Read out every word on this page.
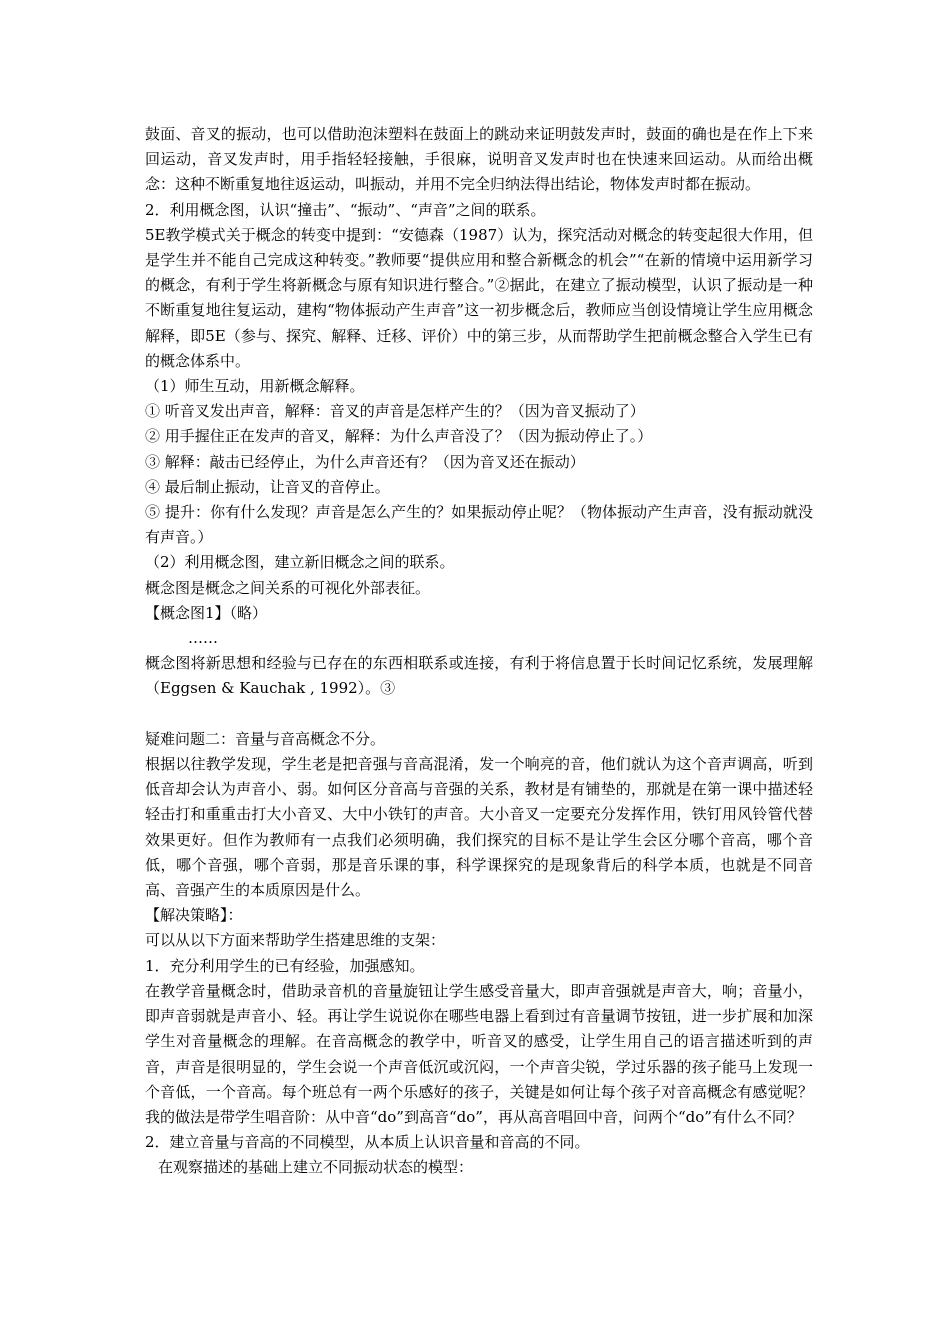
鼓面、音叉的振动，也可以借助泡沫塑料在鼓面上的跳动来证明鼓发声时，鼓面的确也是在作上下来回运动，音叉发声时，用手指轻轻接触，手很麻，说明音叉发声时也在快速来回运动。从而给出概念：这种不断重复地往返运动，叫振动，并用不完全归纳法得出结论，物体发声时都在振动。

2．利用概念图，认识“撞击”、“振动”、“声音”之间的联系。

5E教学模式关于概念的转变中提到：“安德森（1987）认为，探究活动对概念的转变起很大作用，但是学生并不能自己完成这种转变。”教师要“提供应用和整合新概念的机会”“在新的情境中运用新学习的概念，有利于学生将新概念与原有知识进行整合。”②据此，在建立了振动模型，认识了振动是一种不断重复地往复运动，建构“物体振动产生声音”这一初步概念后，教师应当创设情境让学生应用概念解释，即5E（参与、探究、解释、迁移、评价）中的第三步，从而帮助学生把前概念整合入学生已有的概念体系中。

（1）师生互动，用新概念解释。

① 听音叉发出声音，解释：音叉的声音是怎样产生的？（因为音叉振动了）

② 用手握住正在发声的音叉，解释：为什么声音没了？（因为振动停止了。）

③ 解释：敲击已经停止，为什么声音还有？（因为音叉还在振动）

④ 最后制止振动，让音叉的音停止。

⑤ 提升：你有什么发现？声音是怎么产生的？如果振动停止呢？（物体振动产生声音，没有振动就没有声音。）

（2）利用概念图，建立新旧概念之间的联系。

概念图是概念之间关系的可视化外部表征。

【概念图1】（略）

……

概念图将新思想和经验与已存在的东西相联系或连接，有利于将信息置于长时间记忆系统，发展理解（Eggsen & Kauchak , 1992）。③

疑难问题二：音量与音高概念不分。

根据以往教学发现，学生老是把音强与音高混淆，发一个响亮的音，他们就认为这个音声调高，听到低音却会认为声音小、弱。如何区分音高与音强的关系，教材是有铺垫的，那就是在第一课中描述轻轻击打和重重击打大小音叉、大中小铁钉的声音。大小音叉一定要充分发挥作用，铁钉用风铃管代替效果更好。但作为教师有一点我们必须明确，我们探究的目标不是让学生会区分哪个音高，哪个音低，哪个音强，哪个音弱，那是音乐课的事，科学课探究的是现象背后的科学本质，也就是不同音高、音强产生的本质原因是什么。

【解决策略】：

可以从以下方面来帮助学生搭建思维的支架：

1．充分利用学生的已有经验，加强感知。

在教学音量概念时，借助录音机的音量旋钮让学生感受音量大，即声音强就是声音大，响；音量小，即声音弱就是声音小、轻。再让学生说说你在哪些电器上看到过有音量调节按钮，进一步扩展和加深学生对音量概念的理解。在音高概念的教学中，听音叉的感受，让学生用自己的语言描述听到的声音，声音是很明显的，学生会说一个声音低沉或沉闷，一个声音尖锐，学过乐器的孩子能马上发现一个音低，一个音高。每个班总有一两个乐感好的孩子，关键是如何让每个孩子对音高概念有感觉呢？我的做法是带学生唱音阶：从中音“do”到高音“do”，再从高音唱回中音，问两个“do”有什么不同？

2．建立音量与音高的不同模型，从本质上认识音量和音高的不同。

在观察描述的基础上建立不同振动状态的模型：
